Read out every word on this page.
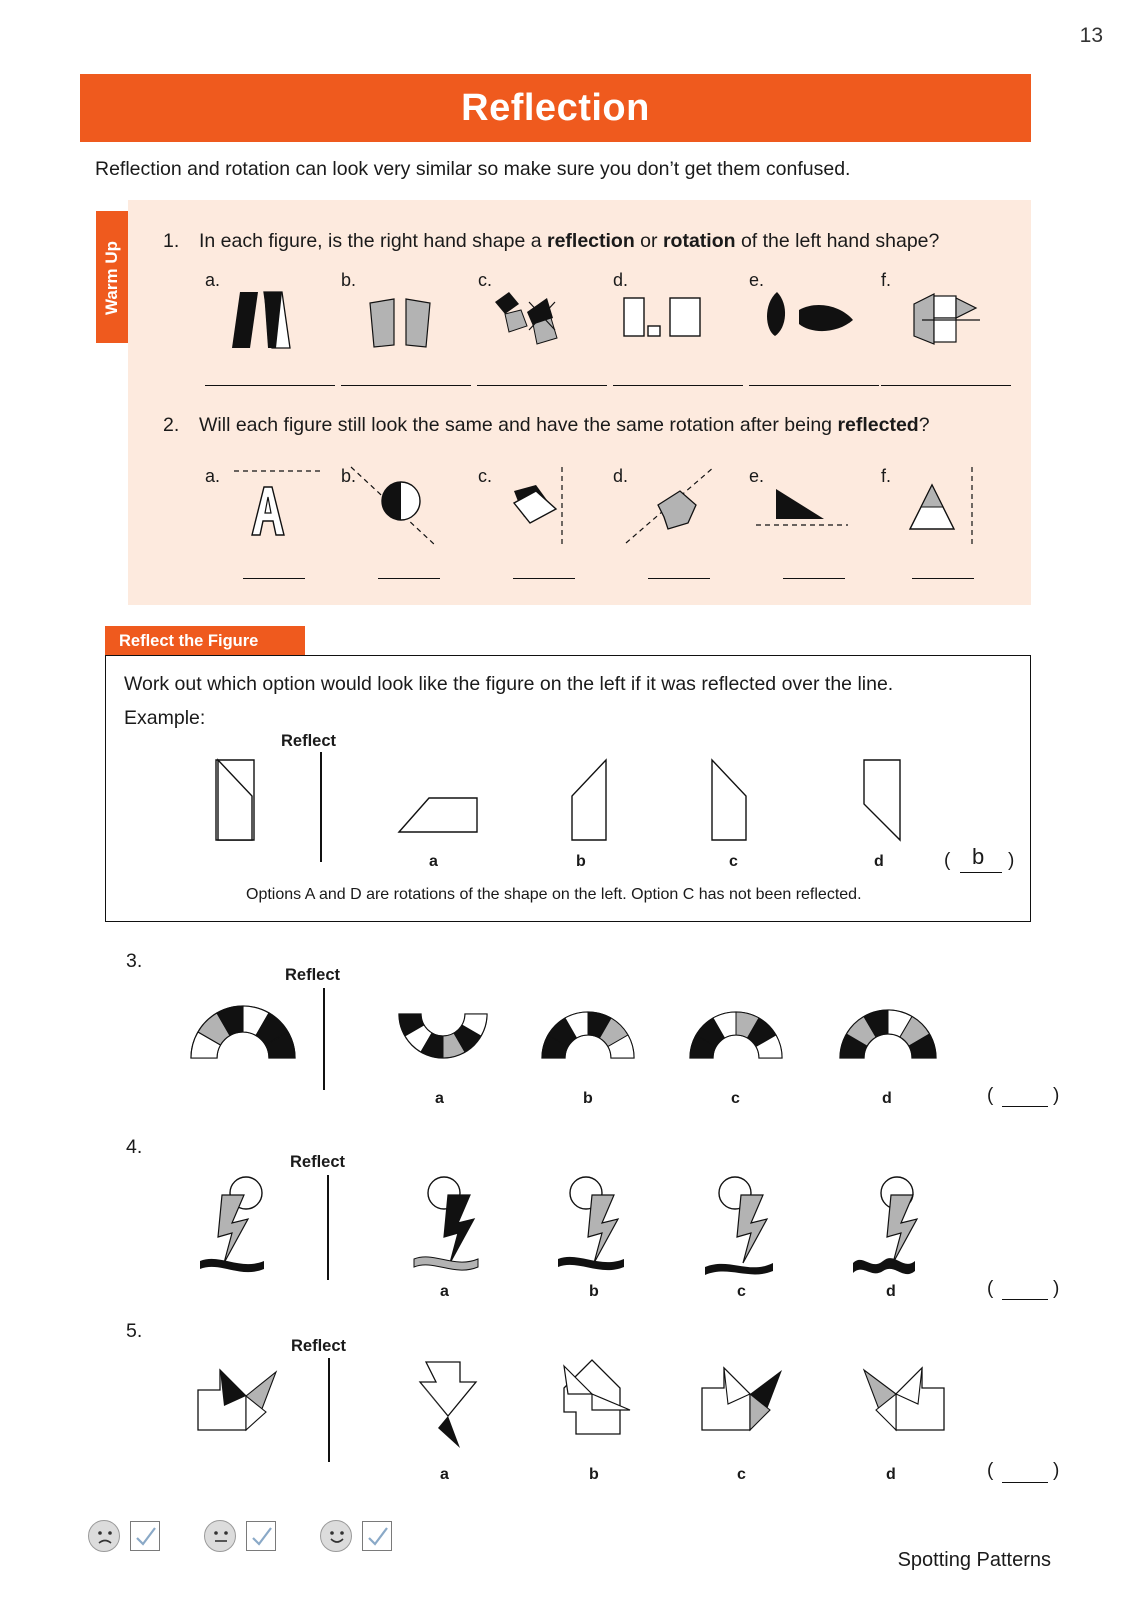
13
Reflection
Reflection and rotation can look very similar so make sure you don’t get them confused.
Warm Up 1. In each figure, is the right hand shape a reflection or rotation of the left hand shape?
a.	b.	c.	d.	e.	f.
2. Will each figure still look the same and have the same rotation after being reflected?
a.	b.	c.	d.	e.	f.
Reflect the Figure
Work out which option would look like the figure on the left if it was reflected over the line.
Example:
Reflect
a	b	c	d	(	)
b
Options A and D are rotations of the shape on the left. Option C has not been reflected.
3.
Reflect
a	b	c	d	(	)
4.
Reflect
a	b	c	d	(	)
5.
Reflect
a	b	c	d	(	)
Spotting Patterns
